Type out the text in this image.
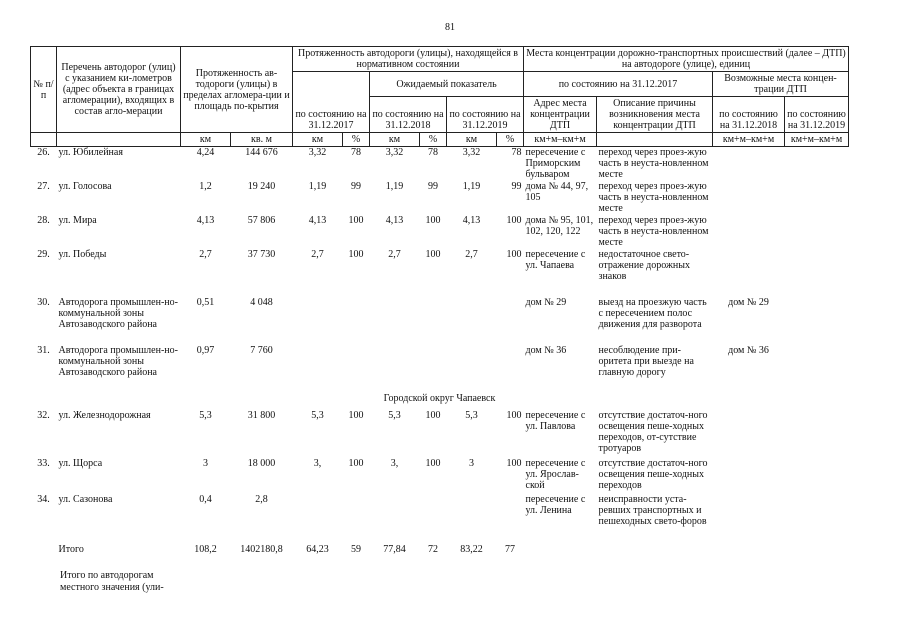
81
№ п/п	Перечень автодорог (улиц) с указанием ки-лометров (адрес объекта в границах агломерации), входящих в состав агло-мерации	Протяженность ав-тодороги (улицы) в пределах агломера-ции и площадь по-крытия		Протяженность автодороги (улицы), находящейся в нормативном состоянии						Места концентрации дорожно-транспортных происшествий (далее – ДТП) на автодороге (улице), единиц			
				по состоянию на 31.12.2017		Ожидаемый показатель				по состоянию на 31.12.2017		Возможные места концен-трации ДТП	
						по состоянию на 31.12.2018		по состоянию на 31.12.2019		Адрес места концентрации ДТП	Описание причины возникновения места концентрации ДТП	по состоянию на 31.12.2018	по состоянию на 31.12.2019
		км	кв. м	км	%	км	%	км	%	км+м–км+м		км+м–км+м	км+м–км+м
26.	ул. Юбилейная	4,24	144 676	3,32	78	3,32	78	3,32	78	пересечение с Приморским бульваром	переход через проез-жую часть в неуста-новленном месте		
27.	ул. Голосова	1,2	19 240	1,19	99	1,19	99	1,19	99	дома № 44, 97, 105	переход через проез-жую часть в неуста-новленном месте		
28.	ул. Мира	4,13	57 806	4,13	100	4,13	100	4,13	100	дома № 95, 101, 102, 120, 122	переход через проез-жую часть в неуста-новленном месте		
29.	ул. Победы	2,7	37 730	2,7	100	2,7	100	2,7	100	пересечение с ул. Чапаева	недостаточное свето-отражение дорожных знаков		
30.	Автодорога промышлен-но-коммунальной зоны Автозаводского района	0,51	4 048							дом № 29	выезд на проезжую часть с пересечением полос движения для разворота	дом № 29	
31.	Автодорога промышлен-но-коммунальной зоны Автозаводского района	0,97	7 760							дом № 36	несоблюдение при-оритета при выезде на главную дорогу	дом № 36	
Городской округ Чапаевск													
32.	ул. Железнодорожная	5,3	31 800	5,3	100	5,3	100	5,3	100	пересечение с ул. Павлова	отсутствие достаточ-ного освещения пеше-ходных переходов, от-сутствие тротуаров		
33.	ул. Щорса	3	18 000	3,	100	3,	100	3	100	пересечение с ул. Ярослав-ской	отсутствие достаточ-ного освещения пеше-ходных переходов		
34.	ул. Сазонова	0,4	2,8							пересечение с ул. Ленина	неисправности уста-ревших транспортных и пешеходных свето-форов		
	Итого	108,2	1402180,8	64,23	59	77,84	72	83,22	77				
Итого по автодорогам местного значения (ули-
